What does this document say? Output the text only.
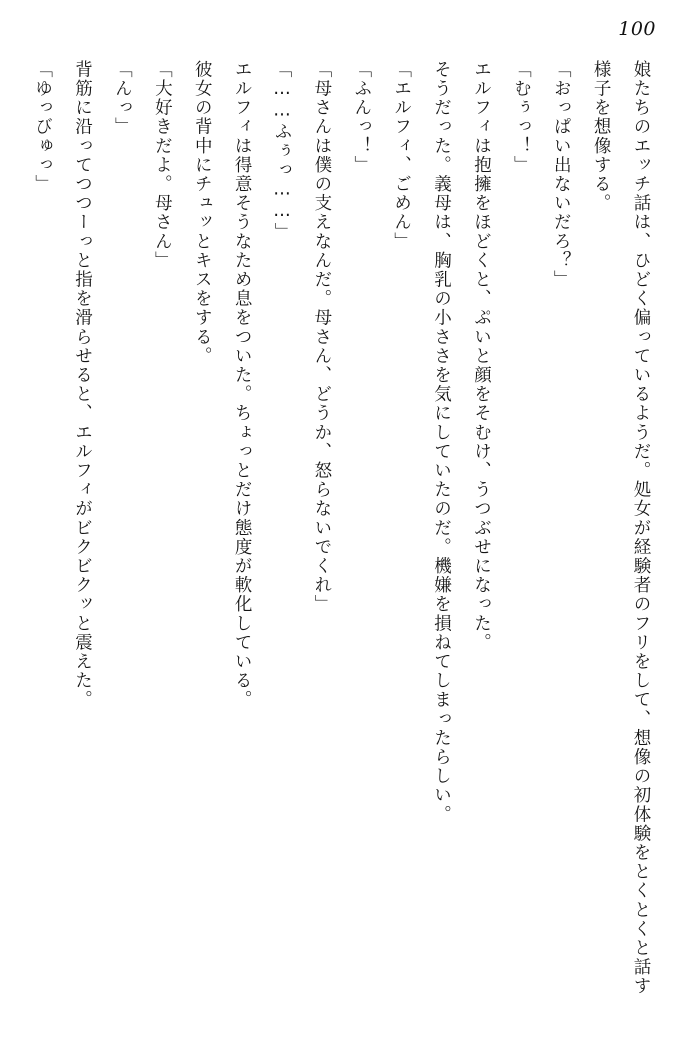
100

娘たちのエッチ話は、ひどく偏っているようだ。処女が経験者のフリをして、想像の初体験をとくとくと話す様子を想像する。

「おっぱい出ないだろ？」

「むぅっ！」

エルフィは抱擁をほどくと、ぷいと顔をそむけ、うつぶせになった。

そうだった。義母は、胸乳の小ささを気にしていたのだ。機嫌を損ねてしまったらしい。

「エルフィ、ごめん」

「ふんっ！」

「母さんは僕の支えなんだ。母さん、どうか、怒らないでくれ」

「……ふぅっ……」

エルフィは得意そうなため息をついた。ちょっとだけ態度が軟化している。

彼女の背中にチュッとキスをする。

「大好きだよ。母さん」

「んっ」

背筋に沿ってつつーっと指を滑らせると、エルフィがビクビクッと震えた。

「ゆっびゅっ」
